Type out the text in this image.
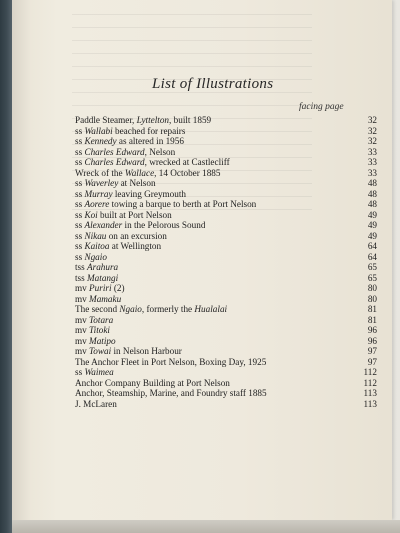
List of Illustrations
facing page
Paddle Steamer, Lyttelton, built 1859	32
ss Wallabi beached for repairs	32
ss Kennedy as altered in 1956	32
ss Charles Edward, Nelson	33
ss Charles Edward, wrecked at Castlecliff	33
Wreck of the Wallace, 14 October 1885	33
ss Waverley at Nelson	48
ss Murray leaving Greymouth	48
ss Aorere towing a barque to berth at Port Nelson	48
ss Koi built at Port Nelson	49
ss Alexander in the Pelorous Sound	49
ss Nikau on an excursion	49
ss Kaitoa at Wellington	64
ss Ngaio	64
tss Arahura	65
tss Matangi	65
mv Puriri (2)	80
mv Mamaku	80
The second Ngaio, formerly the Hualalai	81
mv Totara	81
mv Titoki	96
mv Matipo	96
mv Towai in Nelson Harbour	97
The Anchor Fleet in Port Nelson, Boxing Day, 1925	97
ss Waimea	112
Anchor Company Building at Port Nelson	112
Anchor, Steamship, Marine, and Foundry staff 1885	113
J. McLaren	113
